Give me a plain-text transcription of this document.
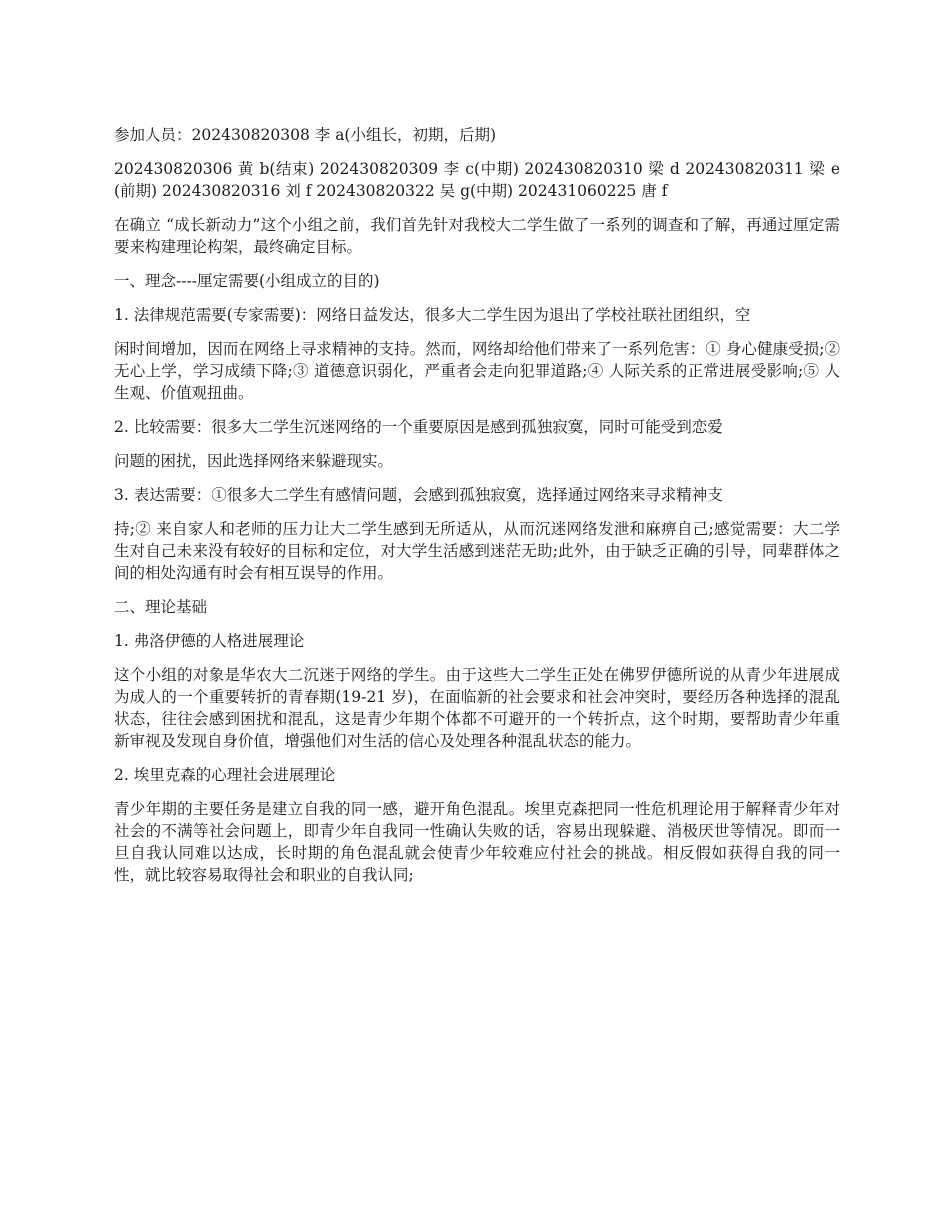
参加人员：202430820308 李 a(小组长，初期，后期)

202430820306 黄 b(结束) 202430820309 李 c(中期) 202430820310 梁 d 202430820311 梁 e(前期) 202430820316 刘 f 202430820322 吴 g(中期) 202431060225 唐 f

在确立 “成长新动力”这个小组之前，我们首先针对我校大二学生做了一系列的调查和了解，再通过厘定需要来构建理论构架，最终确定目标。

一、理念----厘定需要(小组成立的目的)

1. 法律规范需要(专家需要)：网络日益发达，很多大二学生因为退出了学校社联社团组织，空

闲时间增加，因而在网络上寻求精神的支持。然而，网络却给他们带来了一系列危害：① 身心健康受损;② 无心上学，学习成绩下降;③ 道德意识弱化，严重者会走向犯罪道路;④ 人际关系的正常进展受影响;⑤ 人生观、价值观扭曲。

2. 比较需要：很多大二学生沉迷网络的一个重要原因是感到孤独寂寞，同时可能受到恋爱

问题的困扰，因此选择网络来躲避现实。

3. 表达需要：①很多大二学生有感情问题，会感到孤独寂寞，选择通过网络来寻求精神支

持;② 来自家人和老师的压力让大二学生感到无所适从，从而沉迷网络发泄和麻痹自己;感觉需要：大二学生对自己未来没有较好的目标和定位，对大学生活感到迷茫无助;此外，由于缺乏正确的引导，同辈群体之间的相处沟通有时会有相互误导的作用。

二、理论基础

1. 弗洛伊德的人格进展理论

这个小组的对象是华农大二沉迷于网络的学生。由于这些大二学生正处在佛罗伊德所说的从青少年进展成为成人的一个重要转折的青春期(19-21 岁)，在面临新的社会要求和社会冲突时，要经历各种选择的混乱状态，往往会感到困扰和混乱，这是青少年期个体都不可避开的一个转折点，这个时期，要帮助青少年重新审视及发现自身价值，增强他们对生活的信心及处理各种混乱状态的能力。

2. 埃里克森的心理社会进展理论

青少年期的主要任务是建立自我的同一感，避开角色混乱。埃里克森把同一性危机理论用于解释青少年对社会的不满等社会问题上，即青少年自我同一性确认失败的话，容易出现躲避、消极厌世等情况。即而一旦自我认同难以达成，长时期的角色混乱就会使青少年较难应付社会的挑战。相反假如获得自我的同一性，就比较容易取得社会和职业的自我认同;
